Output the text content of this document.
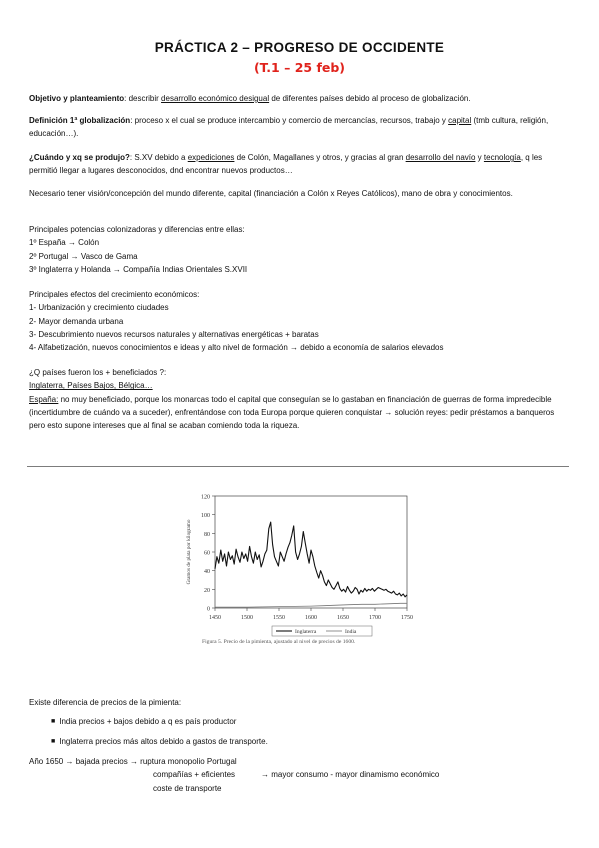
PRÁCTICA 2 – PROGRESO DE OCCIDENTE
(T.1 – 25 feb)

Objetivo y planteamiento: describir desarrollo económico desigual de diferentes países debido al proceso de globalización.

Definición 1ª globalización: proceso x el cual se produce intercambio y comercio de mercancías, recursos, trabajo y capital (tmb cultura, religión, educación…).

¿Cuándo y xq se produjo?: S.XV debido a expediciones de Colón, Magallanes y otros, y gracias al gran desarrollo del navío y tecnología, q les permitió llegar a lugares desconocidos, dnd encontrar nuevos productos…

Necesario tener visión/concepción del mundo diferente, capital (financiación a Colón x Reyes Católicos), mano de obra y conocimientos.

Principales potencias colonizadoras y diferencias entre ellas:

1º España → Colón

2º Portugal → Vasco de Gama

3º Inglaterra y Holanda → Compañía Indias Orientales S.XVII

Principales efectos del crecimiento económicos:

1- Urbanización y crecimiento ciudades

2- Mayor demanda urbana

3- Descubrimiento nuevos recursos naturales y alternativas energéticas + baratas

4- Alfabetización, nuevos conocimientos e ideas y alto nivel de formación → debido a economía de salarios elevados

¿Q países fueron los + beneficiados ?:

Inglaterra, Países Bajos, Bélgica…

España: no muy beneficiado, porque los monarcas todo el capital que conseguían se lo gastaban en financiación de guerras de forma impredecible (incertidumbre de cuándo va a suceder), enfrentándose con toda Europa porque quieren conquistar → solución reyes: pedir préstamos a banqueros pero esto supone intereses que al final se acaban comiendo toda la riqueza.

0
20
40
60
80
100
120
1450	1500	1550	1600	1650	1700	1750
Gramos de plata por kilogramo
Inglaterra	India
Figura 5. Precio de la pimienta, ajustado al nivel de precios de 1600.

Existe diferencia de precios de la pimienta:

■ India precios + bajos debido a q es país productor
■ Inglaterra precios más altos debido a gastos de transporte.

Año 1650 → bajada precios → ruptura monopolio Portugal

compañías + eficientes	→ mayor consumo - mayor dinamismo económico

coste de transporte
